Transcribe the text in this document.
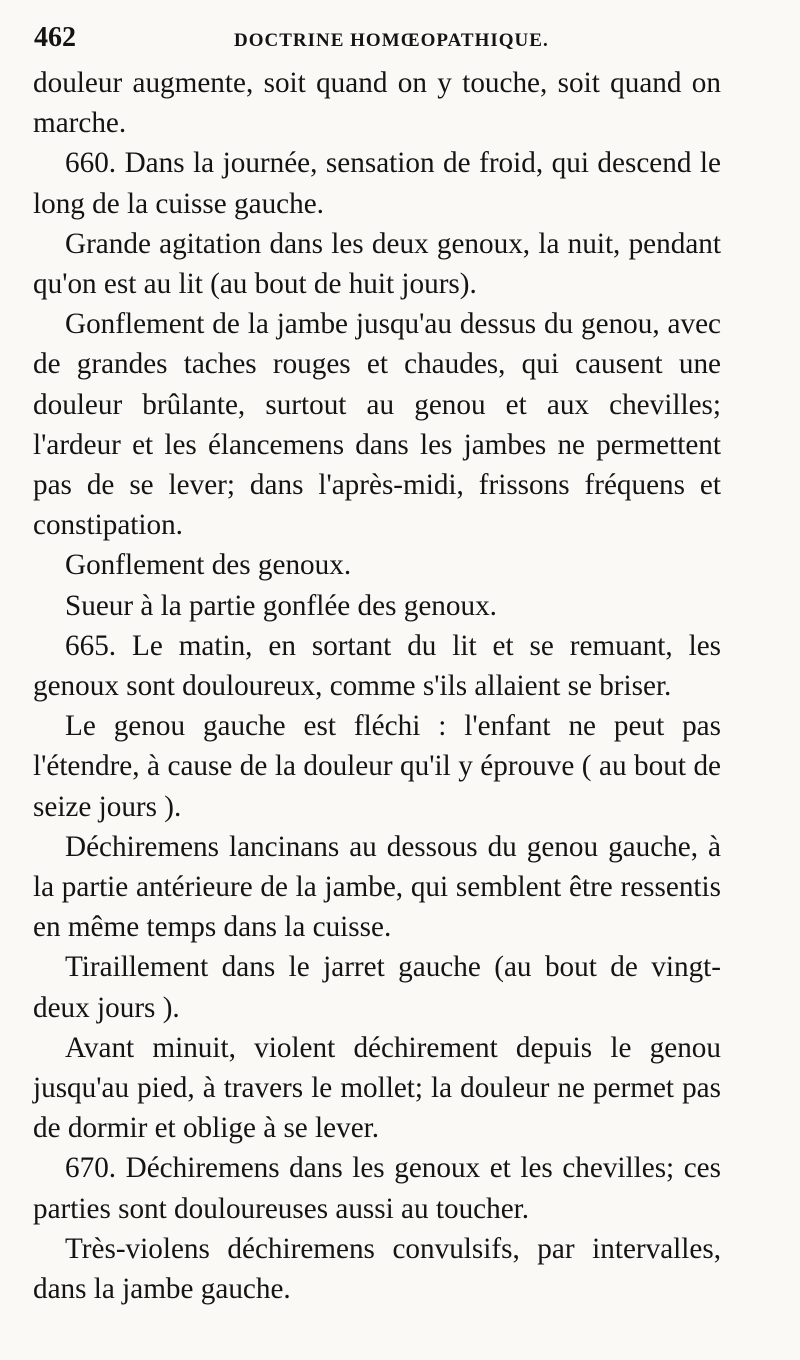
462	DOCTRINE HOMŒOPATHIQUE.

douleur augmente, soit quand on y touche, soit quand on marche.

660. Dans la journée, sensation de froid, qui descend le long de la cuisse gauche.

Grande agitation dans les deux genoux, la nuit, pendant qu'on est au lit (au bout de huit jours).

Gonflement de la jambe jusqu'au dessus du genou, avec de grandes taches rouges et chaudes, qui causent une douleur brûlante, surtout au genou et aux chevilles; l'ardeur et les élancemens dans les jambes ne permettent pas de se lever; dans l'après-midi, frissons fréquens et constipation.

Gonflement des genoux.

Sueur à la partie gonflée des genoux.

665. Le matin, en sortant du lit et se remuant, les genoux sont douloureux, comme s'ils allaient se briser.

Le genou gauche est fléchi : l'enfant ne peut pas l'étendre, à cause de la douleur qu'il y éprouve ( au bout de seize jours ).

Déchiremens lancinans au dessous du genou gauche, à la partie antérieure de la jambe, qui semblent être ressentis en même temps dans la cuisse.

Tiraillement dans le jarret gauche (au bout de vingt-deux jours ).

Avant minuit, violent déchirement depuis le genou jusqu'au pied, à travers le mollet; la douleur ne permet pas de dormir et oblige à se lever.

670. Déchiremens dans les genoux et les chevilles; ces parties sont douloureuses aussi au toucher.

Très-violens déchiremens convulsifs, par intervalles, dans la jambe gauche.
